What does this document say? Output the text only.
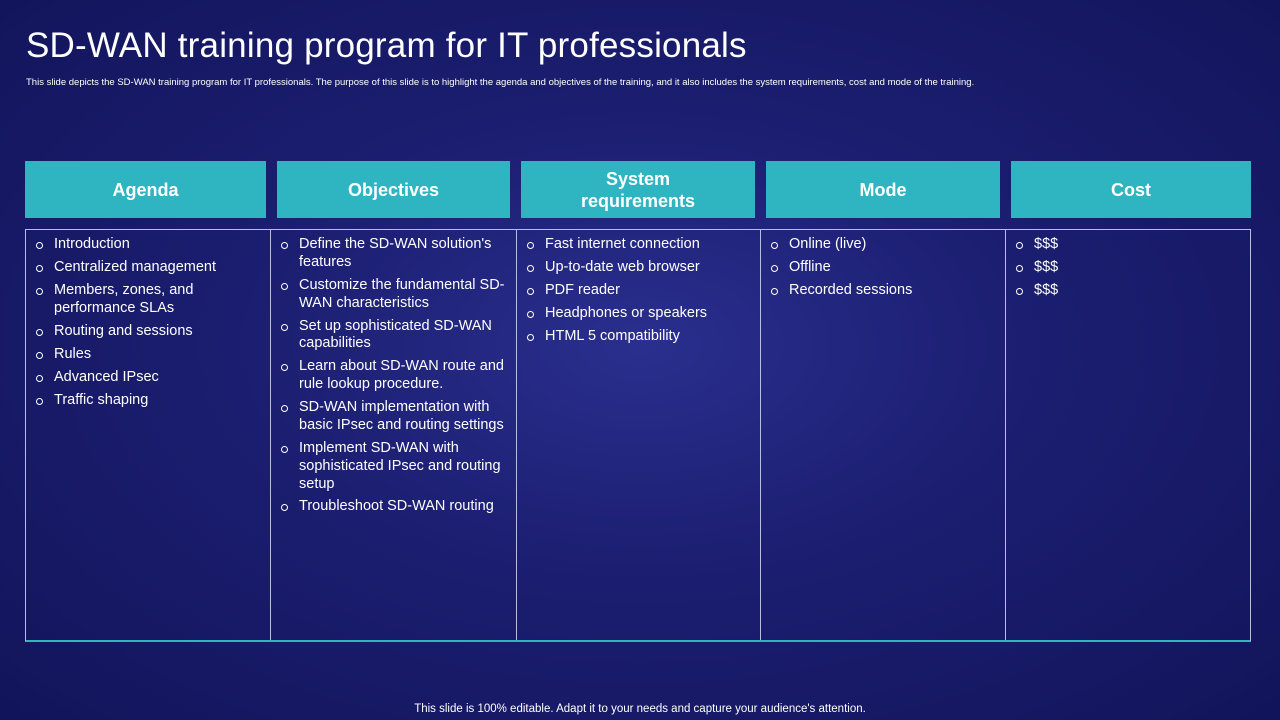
SD-WAN training program for IT professionals

This slide depicts the SD-WAN training program for IT professionals. The purpose of this slide is to highlight the agenda and objectives of the training, and it also includes the system requirements, cost and mode of the training.

Agenda	Objectives
System requirements
Mode	Cost
Introduction
Centralized management
Members, zones, and performance SLAs
Routing and sessions
Rules
Advanced IPsec
Traffic shaping
Define the SD-WAN solution's features
Customize the fundamental SD-WAN characteristics
Set up sophisticated SD-WAN capabilities
Learn about SD-WAN route and rule lookup procedure.
SD-WAN implementation with basic IPsec and routing settings
Implement SD-WAN with sophisticated IPsec and routing setup
Troubleshoot SD-WAN routing
Fast internet connection
Up-to-date web browser
PDF reader
Headphones or speakers
HTML 5 compatibility
Online (live)
Offline
Recorded sessions
$$$
$$$
$$$
This slide is 100% editable. Adapt it to your needs and capture your audience's attention.
